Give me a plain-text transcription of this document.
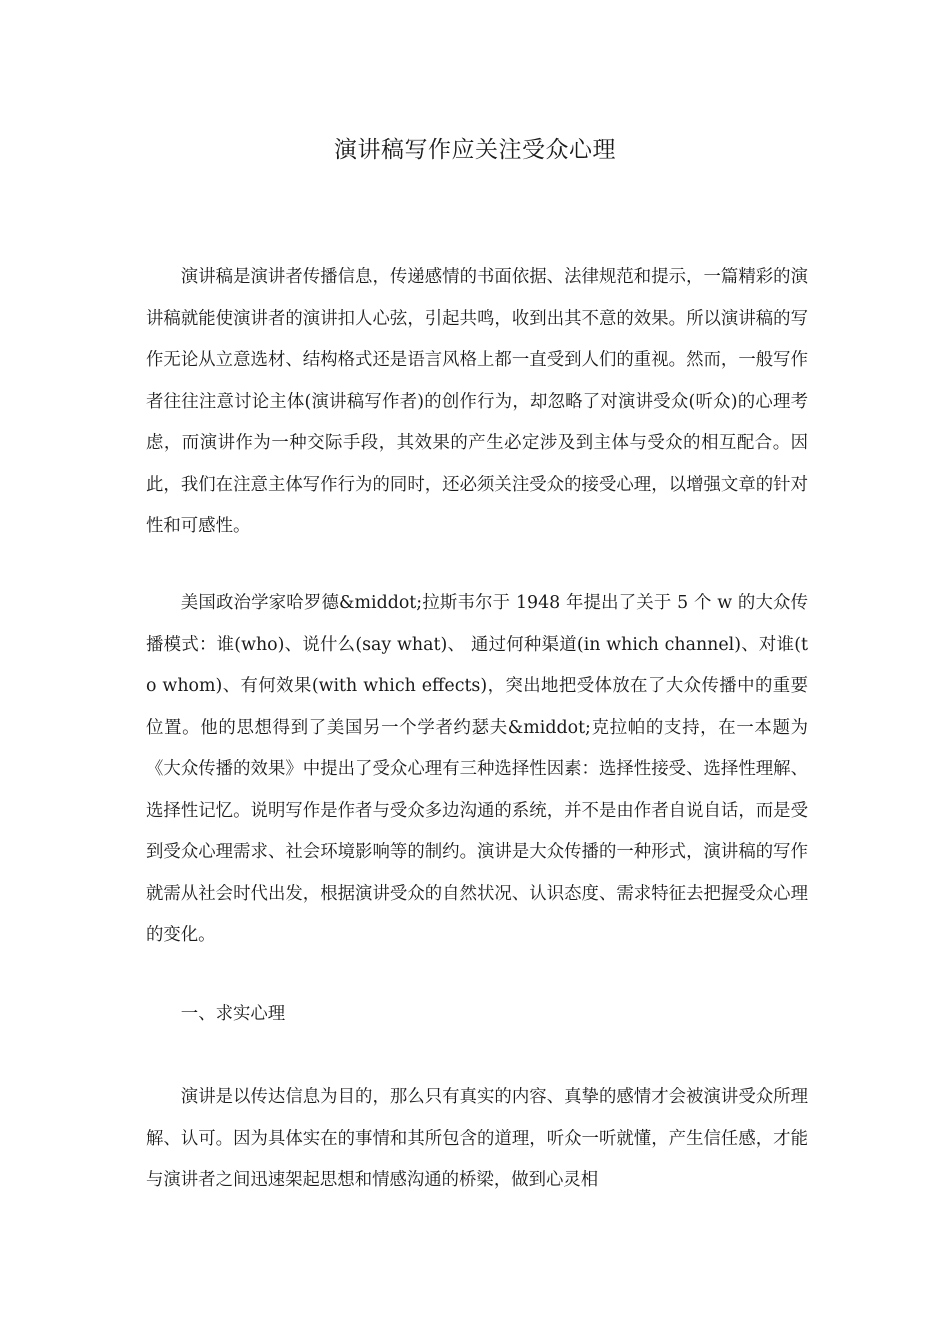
演讲稿写作应关注受众心理

演讲稿是演讲者传播信息，传递感情的书面依据、法律规范和提示，一篇精彩的演讲稿就能使演讲者的演讲扣人心弦，引起共鸣，收到出其不意的效果。所以演讲稿的写作无论从立意选材、结构格式还是语言风格上都一直受到人们的重视。然而，一般写作者往往注意讨论主体(演讲稿写作者)的创作行为，却忽略了对演讲受众(听众)的心理考虑，而演讲作为一种交际手段，其效果的产生必定涉及到主体与受众的相互配合。因此，我们在注意主体写作行为的同时，还必须关注受众的接受心理，以增强文章的针对性和可感性。

美国政治学家哈罗德&middot;拉斯韦尔于 1948 年提出了关于 5 个 w 的大众传播模式：谁(who)、说什么(say what)、 通过何种渠道(in which channel)、对谁(to whom)、有何效果(with which effects)，突出地把受体放在了大众传播中的重要位置。他的思想得到了美国另一个学者约瑟夫&middot;克拉帕的支持，在一本题为《大众传播的效果》中提出了受众心理有三种选择性因素：选择性接受、选择性理解、选择性记忆。说明写作是作者与受众多边沟通的系统，并不是由作者自说自话，而是受到受众心理需求、社会环境影响等的制约。演讲是大众传播的一种形式，演讲稿的写作就需从社会时代出发，根据演讲受众的自然状况、认识态度、需求特征去把握受众心理的变化。

一、求实心理

演讲是以传达信息为目的，那么只有真实的内容、真挚的感情才会被演讲受众所理解、认可。因为具体实在的事情和其所包含的道理，听众一听就懂，产生信任感，才能与演讲者之间迅速架起思想和情感沟通的桥梁，做到心灵相
